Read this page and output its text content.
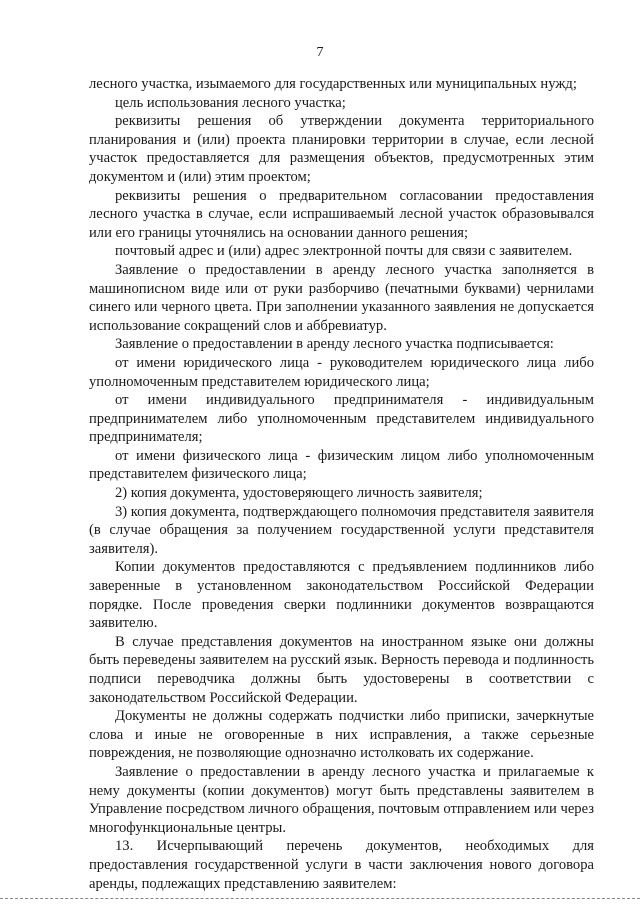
7

лесного участка, изымаемого для государственных или муниципальных нужд;

цель использования лесного участка;

реквизиты решения об утверждении документа территориального планирования и (или) проекта планировки территории в случае, если лесной участок предоставляется для размещения объектов, предусмотренных этим документом и (или) этим проектом;

реквизиты решения о предварительном согласовании предоставления лесного участка в случае, если испрашиваемый лесной участок образовывался или его границы уточнялись на основании данного решения;

почтовый адрес и (или) адрес электронной почты для связи с заявителем.

Заявление о предоставлении в аренду лесного участка заполняется в машинописном виде или от руки разборчиво (печатными буквами) чернилами синего или черного цвета. При заполнении указанного заявления не допускается использование сокращений слов и аббревиатур.

Заявление о предоставлении в аренду лесного участка подписывается:

от имени юридического лица - руководителем юридического лица либо уполномоченным представителем юридического лица;

от имени индивидуального предпринимателя - индивидуальным предпринимателем либо уполномоченным представителем индивидуального предпринимателя;

от имени физического лица - физическим лицом либо уполномоченным представителем физического лица;

2) копия документа, удостоверяющего личность заявителя;

3) копия документа, подтверждающего полномочия представителя заявителя (в случае обращения за получением государственной услуги представителя заявителя).

Копии документов предоставляются с предъявлением подлинников либо заверенные в установленном законодательством Российской Федерации порядке. После проведения сверки подлинники документов возвращаются заявителю.

В случае представления документов на иностранном языке они должны быть переведены заявителем на русский язык. Верность перевода и подлинность подписи переводчика должны быть удостоверены в соответствии с законодательством Российской Федерации.

Документы не должны содержать подчистки либо приписки, зачеркнутые слова и иные не оговоренные в них исправления, а также серьезные повреждения, не позволяющие однозначно истолковать их содержание.

Заявление о предоставлении в аренду лесного участка и прилагаемые к нему документы (копии документов) могут быть представлены заявителем в Управление посредством личного обращения, почтовым отправлением или через многофункциональные центры.

13. Исчерпывающий перечень документов, необходимых для предоставления государственной услуги в части заключения нового договора аренды, подлежащих представлению заявителем:
